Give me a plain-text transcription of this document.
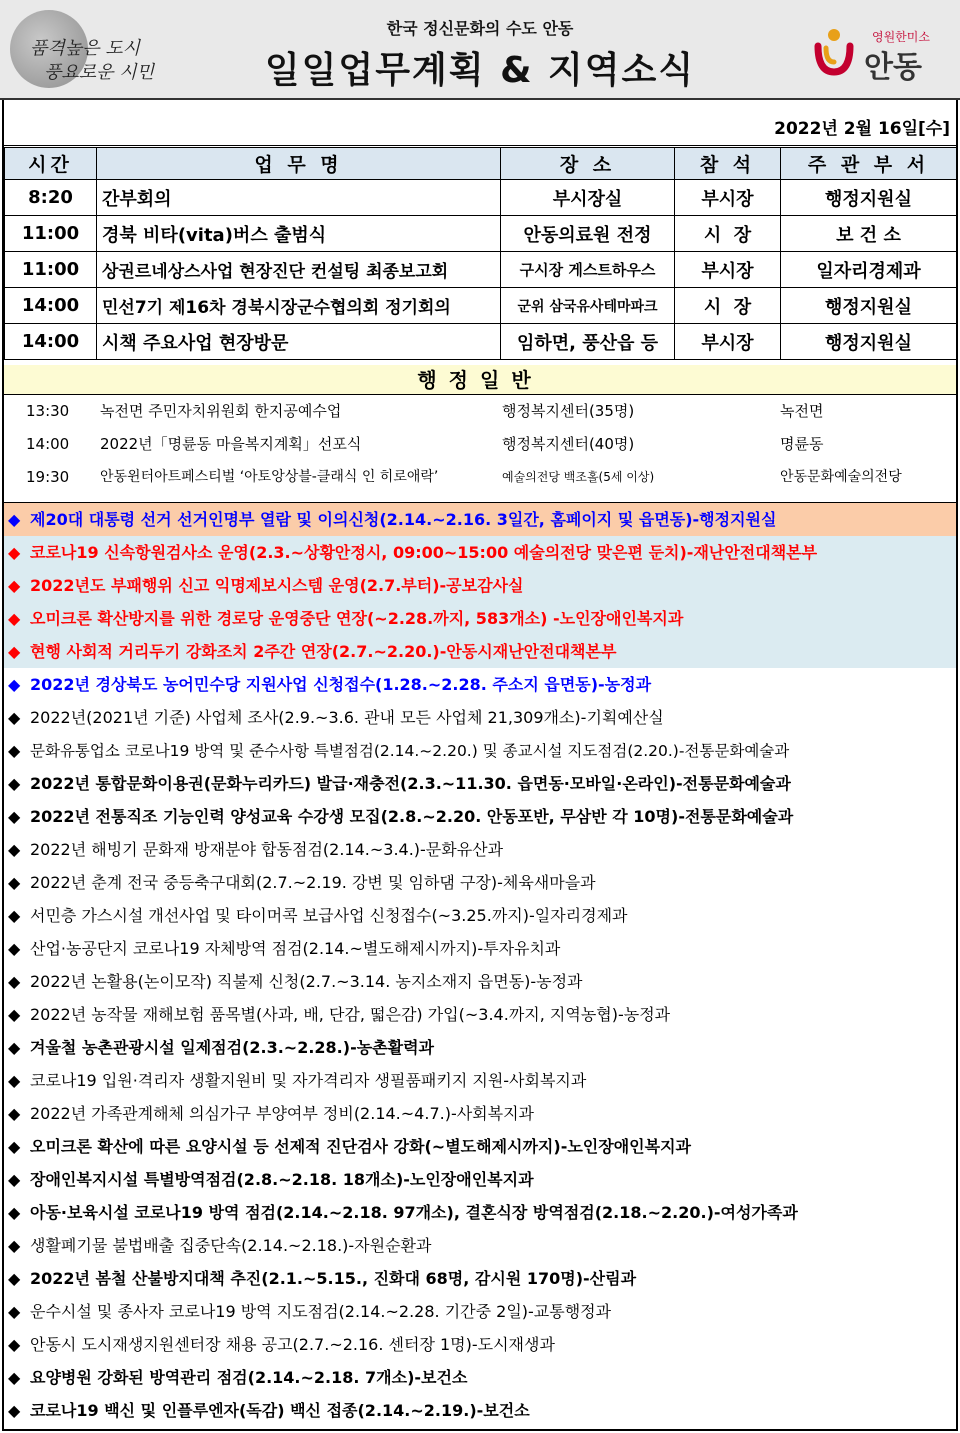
품격높은 도시
풍요로운 시민
한국 정신문화의 수도 안동
일일업무계획 & 지역소식
영원한미소
안동
2022년 2월 16일[수]
시간	업 무 명	장 소	참 석	주 관 부 서
8:20	간부회의	부시장실	부시장	행정지원실
11:00	경북 비타(vita)버스 출범식	안동의료원 전정	시  장	보 건 소
11:00	상권르네상스사업 현장진단 컨설팅 최종보고회	구시장 게스트하우스	부시장	일자리경제과
14:00	민선7기 제16차 경북시장군수협의회 정기회의	군위 삼국유사테마파크	시  장	행정지원실
14:00	시책 주요사업 현장방문	임하면, 풍산읍 등	부시장	행정지원실
행정일반
13:30	녹전면 주민자치위원회 한지공예수업	행정복지센터(35명)	녹전면
14:00	2022년「명륜동 마을복지계획」선포식	행정복지센터(40명)	명륜동
19:30	안동윈터아트페스티벌 ‘아토앙상블-클래식 인 히로애락’	예술의전당 백조홀(5세 이상)	안동문화예술의전당
◆ 제20대 대통령 선거 선거인명부 열람 및 이의신청(2.14.~2.16. 3일간, 홈페이지 및 읍면동)-행정지원실
◆ 코로나19 신속항원검사소 운영(2.3.~상황안정시, 09:00~15:00 예술의전당 맞은편 둔치)-재난안전대책본부
◆ 2022년도 부패행위 신고 익명제보시스템 운영(2.7.부터)-공보감사실
◆ 오미크론 확산방지를 위한 경로당 운영중단 연장(~2.28.까지, 583개소) -노인장애인복지과
◆ 현행 사회적 거리두기 강화조치 2주간 연장(2.7.~2.20.)-안동시재난안전대책본부
◆ 2022년 경상북도 농어민수당 지원사업 신청접수(1.28.~2.28. 주소지 읍면동)-농정과
◆ 2022년(2021년 기준) 사업체 조사(2.9.~3.6. 관내 모든 사업체 21,309개소)-기획예산실
◆ 문화유통업소 코로나19 방역 및 준수사항 특별점검(2.14.~2.20.) 및 종교시설 지도점검(2.20.)-전통문화예술과
◆ 2022년 통합문화이용권(문화누리카드) 발급·재충전(2.3.~11.30. 읍면동·모바일·온라인)-전통문화예술과
◆ 2022년 전통직조 기능인력 양성교육 수강생 모집(2.8.~2.20. 안동포반, 무삼반 각 10명)-전통문화예술과
◆ 2022년 해빙기 문화재 방재분야 합동점검(2.14.~3.4.)-문화유산과
◆ 2022년 춘계 전국 중등축구대회(2.7.~2.19. 강변 및 임하댐 구장)-체육새마을과
◆ 서민층 가스시설 개선사업 및 타이머콕 보급사업 신청접수(~3.25.까지)-일자리경제과
◆ 산업·농공단지 코로나19 자체방역 점검(2.14.~별도해제시까지)-투자유치과
◆ 2022년 논활용(논이모작) 직불제 신청(2.7.~3.14. 농지소재지 읍면동)-농정과
◆ 2022년 농작물 재해보험 품목별(사과, 배, 단감, 떫은감) 가입(~3.4.까지, 지역농협)-농정과
◆ 겨울철 농촌관광시설 일제점검(2.3.~2.28.)-농촌활력과
◆ 코로나19 입원·격리자 생활지원비 및 자가격리자 생필품패키지 지원-사회복지과
◆ 2022년 가족관계해체 의심가구 부양여부 정비(2.14.~4.7.)-사회복지과
◆ 오미크론 확산에 따른 요양시설 등 선제적 진단검사 강화(~별도해제시까지)-노인장애인복지과
◆ 장애인복지시설 특별방역점검(2.8.~2.18. 18개소)-노인장애인복지과
◆ 아동·보육시설 코로나19 방역 점검(2.14.~2.18. 97개소), 결혼식장 방역점검(2.18.~2.20.)-여성가족과
◆ 생활폐기물 불법배출 집중단속(2.14.~2.18.)-자원순환과
◆ 2022년 봄철 산불방지대책 추진(2.1.~5.15., 진화대 68명, 감시원 170명)-산림과
◆ 운수시설 및 종사자 코로나19 방역 지도점검(2.14.~2.28. 기간중 2일)-교통행정과
◆ 안동시 도시재생지원센터장 채용 공고(2.7.~2.16. 센터장 1명)-도시재생과
◆ 요양병원 강화된 방역관리 점검(2.14.~2.18. 7개소)-보건소
◆ 코로나19 백신 및 인플루엔자(독감) 백신 접종(2.14.~2.19.)-보건소
